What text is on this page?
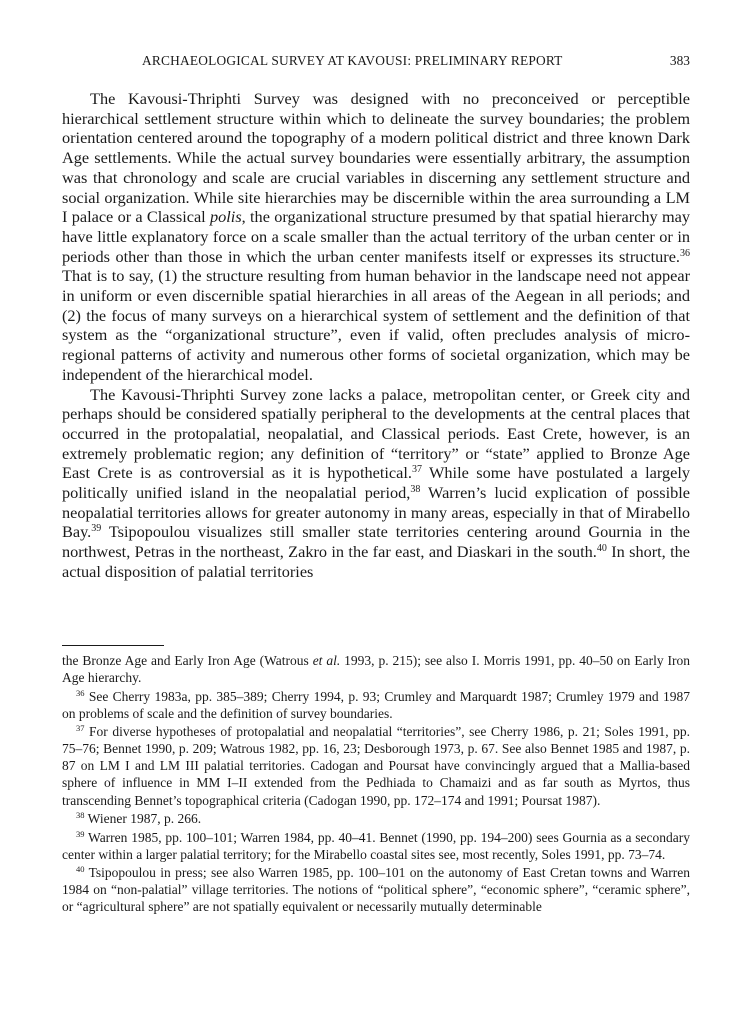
ARCHAEOLOGICAL SURVEY AT KAVOUSI: PRELIMINARY REPORT	383

The Kavousi-Thriphti Survey was designed with no preconceived or perceptible hierarchical settlement structure within which to delineate the survey boundaries; the problem orientation centered around the topography of a modern political district and three known Dark Age settlements. While the actual survey boundaries were essentially arbitrary, the assumption was that chronology and scale are crucial variables in discerning any settlement structure and social organization. While site hierarchies may be discernible within the area surrounding a LM I palace or a Classical polis, the organizational structure presumed by that spatial hierarchy may have little explanatory force on a scale smaller than the actual territory of the urban center or in periods other than those in which the urban center manifests itself or expresses its structure.$^{36}$ That is to say, (1) the structure resulting from human behavior in the landscape need not appear in uniform or even discernible spatial hierarchies in all areas of the Aegean in all periods; and (2) the focus of many surveys on a hierarchical system of settlement and the definition of that system as the “organizational structure”, even if valid, often precludes analysis of micro-regional patterns of activity and numerous other forms of societal organization, which may be independent of the hierarchical model.

The Kavousi-Thriphti Survey zone lacks a palace, metropolitan center, or Greek city and perhaps should be considered spatially peripheral to the developments at the central places that occurred in the protopalatial, neopalatial, and Classical periods. East Crete, however, is an extremely problematic region; any definition of “territory” or “state” applied to Bronze Age East Crete is as controversial as it is hypothetical.$^{37}$ While some have postulated a largely politically unified island in the neopalatial period,$^{38}$ Warren’s lucid explication of possible neopalatial territories allows for greater autonomy in many areas, especially in that of Mirabello Bay.$^{39}$ Tsipopoulou visualizes still smaller state territories centering around Gournia in the northwest, Petras in the northeast, Zakro in the far east, and Diaskari in the south.$^{40}$ In short, the actual disposition of palatial territories

the Bronze Age and Early Iron Age (Watrous et al. 1993, p. 215); see also I. Morris 1991, pp. 40–50 on Early Iron Age hierarchy.

$^{36}$ See Cherry 1983a, pp. 385–389; Cherry 1994, p. 93; Crumley and Marquardt 1987; Crumley 1979 and 1987 on problems of scale and the definition of survey boundaries.

$^{37}$ For diverse hypotheses of protopalatial and neopalatial “territories”, see Cherry 1986, p. 21; Soles 1991, pp. 75–76; Bennet 1990, p. 209; Watrous 1982, pp. 16, 23; Desborough 1973, p. 67. See also Bennet 1985 and 1987, p. 87 on LM I and LM III palatial territories. Cadogan and Poursat have convincingly argued that a Mallia-based sphere of influence in MM I–II extended from the Pedhiada to Chamaizi and as far south as Myrtos, thus transcending Bennet’s topographical criteria (Cadogan 1990, pp. 172–174 and 1991; Poursat 1987).

$^{38}$ Wiener 1987, p. 266.

$^{39}$ Warren 1985, pp. 100–101; Warren 1984, pp. 40–41. Bennet (1990, pp. 194–200) sees Gournia as a secondary center within a larger palatial territory; for the Mirabello coastal sites see, most recently, Soles 1991, pp. 73–74.

$^{40}$ Tsipopoulou in press; see also Warren 1985, pp. 100–101 on the autonomy of East Cretan towns and Warren 1984 on “non-palatial” village territories. The notions of “political sphere”, “economic sphere”, “ceramic sphere”, or “agricultural sphere” are not spatially equivalent or necessarily mutually determinable
